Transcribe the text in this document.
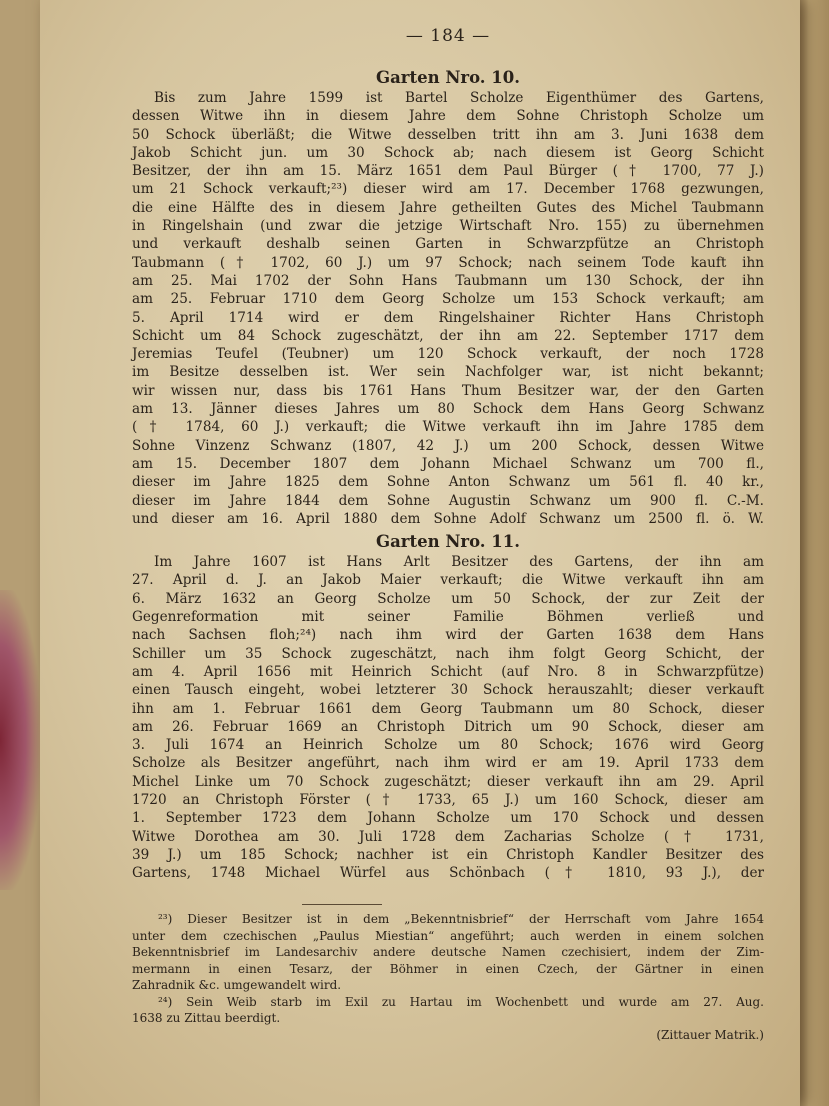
— 184 —
Garten Nro. 10.

Bis zum Jahre 1599 ist Bartel Scholze Eigenthümer des Gartens,

dessen Witwe ihn in diesem Jahre dem Sohne Christoph Scholze um

50 Schock überläßt; die Witwe desselben tritt ihn am 3. Juni 1638 dem

Jakob Schicht jun. um 30 Schock ab; nach diesem ist Georg Schicht

Besitzer, der ihn am 15. März 1651 dem Paul Bürger († 1700, 77 J.)

um 21 Schock verkauft;²³) dieser wird am 17. December 1768 gezwungen,

die eine Hälfte des in diesem Jahre getheilten Gutes des Michel Taubmann

in Ringelshain (und zwar die jetzige Wirtschaft Nro. 155) zu übernehmen

und verkauft deshalb seinen Garten in Schwarzpfütze an Christoph

Taubmann († 1702, 60 J.) um 97 Schock; nach seinem Tode kauft ihn

am 25. Mai 1702 der Sohn Hans Taubmann um 130 Schock, der ihn

am 25. Februar 1710 dem Georg Scholze um 153 Schock verkauft; am

5. April 1714 wird er dem Ringelshainer Richter Hans Christoph

Schicht um 84 Schock zugeschätzt, der ihn am 22. September 1717 dem

Jeremias Teufel (Teubner) um 120 Schock verkauft, der noch 1728

im Besitze desselben ist. Wer sein Nachfolger war, ist nicht bekannt;

wir wissen nur, dass bis 1761 Hans Thum Besitzer war, der den Garten

am 13. Jänner dieses Jahres um 80 Schock dem Hans Georg Schwanz

(† 1784, 60 J.) verkauft; die Witwe verkauft ihn im Jahre 1785 dem

Sohne Vinzenz Schwanz (1807, 42 J.) um 200 Schock, dessen Witwe

am 15. December 1807 dem Johann Michael Schwanz um 700 fl.,

dieser im Jahre 1825 dem Sohne Anton Schwanz um 561 fl. 40 kr.,

dieser im Jahre 1844 dem Sohne Augustin Schwanz um 900 fl. C.-M.

und dieser am 16. April 1880 dem Sohne Adolf Schwanz um 2500 fl. ö. W.

Garten Nro. 11.

Im Jahre 1607 ist Hans Arlt Besitzer des Gartens, der ihn am

27. April d. J. an Jakob Maier verkauft; die Witwe verkauft ihn am

6. März 1632 an Georg Scholze um 50 Schock, der zur Zeit der

Gegenreformation mit seiner Familie Böhmen verließ und

nach Sachsen floh;²⁴) nach ihm wird der Garten 1638 dem Hans

Schiller um 35 Schock zugeschätzt, nach ihm folgt Georg Schicht, der

am 4. April 1656 mit Heinrich Schicht (auf Nro. 8 in Schwarzpfütze)

einen Tausch eingeht, wobei letzterer 30 Schock herauszahlt; dieser verkauft

ihn am 1. Februar 1661 dem Georg Taubmann um 80 Schock, dieser

am 26. Februar 1669 an Christoph Ditrich um 90 Schock, dieser am

3. Juli 1674 an Heinrich Scholze um 80 Schock; 1676 wird Georg

Scholze als Besitzer angeführt, nach ihm wird er am 19. April 1733 dem

Michel Linke um 70 Schock zugeschätzt; dieser verkauft ihn am 29. April

1720 an Christoph Förster († 1733, 65 J.) um 160 Schock, dieser am

1. September 1723 dem Johann Scholze um 170 Schock und dessen

Witwe Dorothea am 30. Juli 1728 dem Zacharias Scholze († 1731,

39 J.) um 185 Schock; nachher ist ein Christoph Kandler Besitzer des

Gartens, 1748 Michael Würfel aus Schönbach († 1810, 93 J.), der

²³) Dieser Besitzer ist in dem „Bekenntnisbrief“ der Herrschaft vom Jahre 1654

unter dem czechischen „Paulus Miestian“ angeführt; auch werden in einem solchen

Bekenntnisbrief im Landesarchiv andere deutsche Namen czechisiert, indem der Zim-

mermann in einen Tesarz, der Böhmer in einen Czech, der Gärtner in einen

Zahradnik &c. umgewandelt wird.

²⁴) Sein Weib starb im Exil zu Hartau im Wochenbett und wurde am 27. Aug.

1638 zu Zittau beerdigt.

(Zittauer Matrik.)
